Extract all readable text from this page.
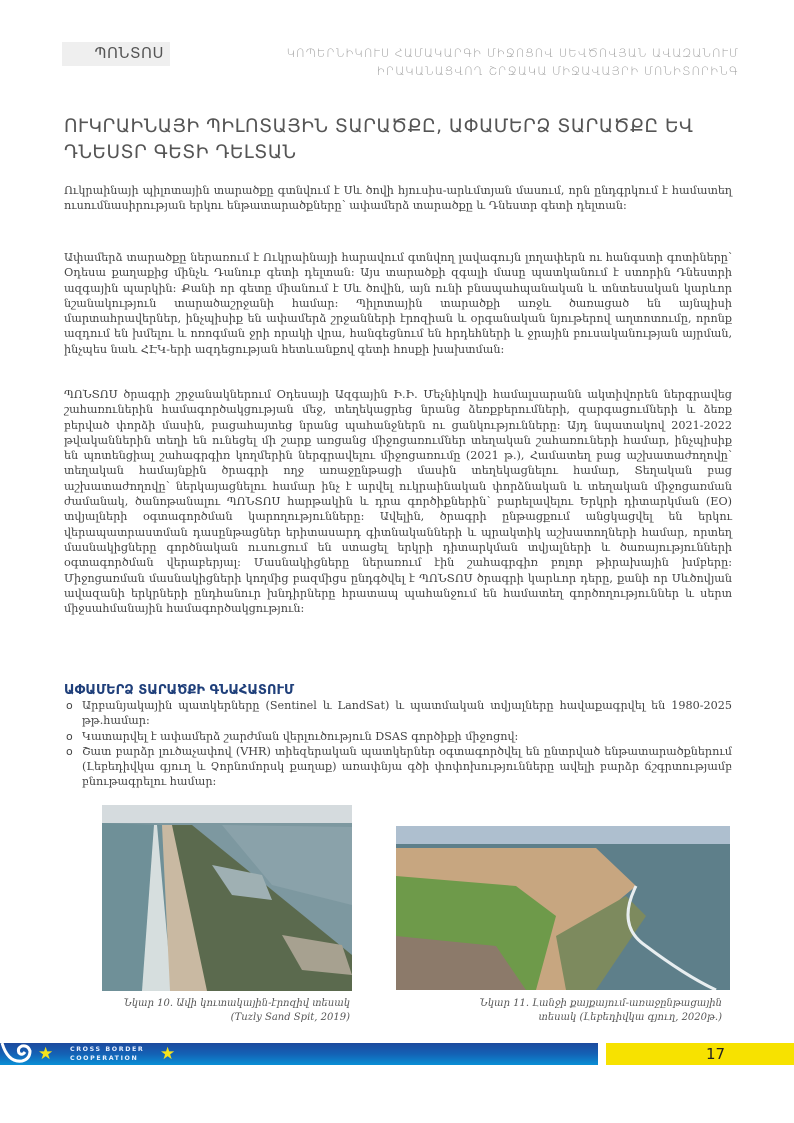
ՊՈՆՏՈՍ	ԿՈՊԵՐՆԻԿՈՒՍ ՀԱՄԱԿԱՐԳԻ ՄԻՋՈՑՈՎ ՍԵՎԾՈՎՅԱՆ ԱՎԱԶԱՆՈՒՄ
ԻՐԱԿԱՆԱՑՎՈՂ ՇՐՋԱԿԱ ՄԻՋԱՎԱՅՐԻ ՄՈՆԻՏՈՐԻՆԳ
ՈՒԿՐԱԻՆԱՅԻ ՊԻԼՈՏԱՅԻՆ ՏԱՐԱԾՔԸ, ԱՓԱՄԵՐՁ ՏԱՐԱԾՔԸ ԵՎ ԴՆԵՍՏՐ ԳԵՏԻ ԴԵԼՏԱՆ

Ուկրաինայի պիլոտային տարածքը գտնվում է Սև ծովի հյուսիս-արևմտյան մասում, որն ընդգրկում է համատեղ ուսումնասիրության երկու ենթատարածքները՝ ափամերձ տարածքը և Դնեստր գետի դելտան:

Ափամերձ տարածքը ներառում է Ուկրաինայի հարավում գտնվող լավագույն լողափերն ու հանգստի գոտիները՝ Օդեսա քաղաքից մինչև Դանուբ գետի դելտան: Այս տարածքի զգալի մասը պատկանում է ստորին Դնեստրի ազգային պարկին: Քանի որ գետը միանում է Սև ծովին, այն ունի բնապահպանական և տնտեսական կարևոր նշանակություն տարածաշրջանի համար: Պիլոտային տարածքի առջև ծառացած են այնպիսի մարտահրավերներ, ինչպիսիք են ափամերձ շրջանների էրոզիան և օրգանական նյութերով աղտոտումը, որոնք ազդում են խմելու և ոռոգման ջրի որակի վրա, հանգեցնում են հրդեհների և ջրային բուսականության այրման, ինչպես նաև ՀԷԿ-երի ազդեցության հետևանքով գետի հոսքի խախտման:

ՊՈՆՏՈՍ ծրագրի շրջանակներում Օդեսայի Ազգային Ի.Ի. Մեչնիկովի համալսարանն ակտիվորեն ներգրավեց շահառուներին համագործակցության մեջ, տեղեկացրեց նրանց ձեռքբերումների, զարգացումների և ձեռք բերված փորձի մասին, բացահայտեց նրանց պահանջներն ու ցանկությունները: Այդ նպատակով 2021-2022 թվականներին տեղի են ունեցել մի շարք առցանց միջոցառումներ տեղական շահառուների համար, ինչպիսիք են պոտենցիալ շահագրգիռ կողմերին ներգրավելու միջոցառումը (2021 թ.), Համատեղ բաց աշխատաժողովը՝ տեղական համայնքին ծրագրի ողջ առաջընթացի մասին տեղեկացնելու համար, Տեղական բաց աշխատաժողովը՝ ներկայացնելու համար ինչ է արվել ուկրաինական փորձնական և տեղական միջոցառման ժամանակ, ծանոթանալու ՊՈՆՏՈՍ հարթակին և դրա գործիքներին՝ բարելավելու Երկրի դիտարկման (EO) տվյալների օգտագործման կարողությունները: Ավելին, ծրագրի ընթացքում անցկացվել են երկու վերապատրաստման դասընթացներ երիտասարդ գիտնականների և պրակտիկ աշխատողների համար, որտեղ մասնակիցները գործնական ուսուցում են ստացել երկրի դիտարկման տվյալների և ծառայությունների օգտագործման վերաբերյալ: Մասնակիցները ներառում էին շահագրգիռ բոլոր թիրախային խմբերը: Միջոցառման մասնակիցների կողմից բազմիցս ընդգծվել է ՊՈՆՏՈՍ ծրագրի կարևոր դերը, քանի որ Սևծովյան ավազանի երկրների ընդհանուր խնդիրները հրատապ պահանջում են համատեղ գործողություններ և սերտ միջսահմանային համագործակցություն:

ԱՓԱՄԵՐՁ ՏԱՐԱԾՔԻ ԳՆԱՀԱՏՈՒՄ
o Արբանյակային պատկերները (Sentinel և LandSat) և պատմական տվյալները հավաքագրվել են 1980-2025 թթ.համար:
o Կատարվել է ափամերձ շարժման վերլուծություն DSAS գործիքի միջոցով:
o Շատ բարձր լուծաչափով (VHR) տիեզերական պատկերներ օգտագործվել են ընտրված ենթատարածքներում (Լեբեդիվկա գյուղ և Չորնոմորսկ քաղաք) առափնյա գծի փոփոխությունները ավելի բարձր ճշգրտությամբ բնութագրելու համար:
Նկար 10. Ավի կուտակային-էրոզիվ տեսակ (Tuzly Sand Spit, 2019)
Նկար 11. Լանջի քայքայում-առաջընթացային տեսակ (Լեբեդիվկա գյուղ, 2020թ.)
★	CROSS BORDER
COOPERATION	★	17
